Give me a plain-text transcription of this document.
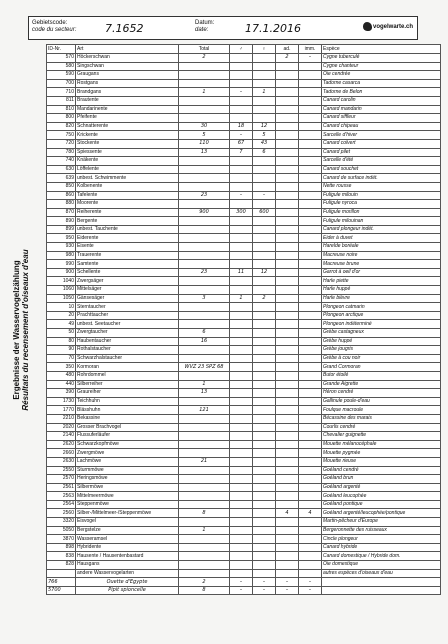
Gebietscode:
code du secteur:	7.1652	Datum:
date:	17.1.2016	vogelwarte.ch
Ergebnisse der Wasservogelzählung Résultats du recensement d'oiseaux d'eau
ID-Nr.	Art	Total	♂	♀	ad.	imm.	Espèce
570	Höckerschwan	2			2	–	Cygne tuberculé
580	Singschwan						Cygne chanteur
590	Graugans						Oie cendrée
700	Rostgans						Tadorne casarca
710	Brandgans	1	–	1			Tadorne de Belon
811	Brautente						Canard carolin
810	Mandarinente						Canard mandarin
800	Pfeifente						Canard siffleur
820	Schnatterente	30	18	12			Canard chipeau
750	Krickente	5	–	5			Sarcelle d'hiver
720	Stockente	110	67	43			Canard colvert
780	Spiessente	13	7	6			Canard pilet
740	Knäkente						Sarcelle d'été
630	Löffelente						Canard souchet
639	unbest. Schwimmente						Canard de surface indét.
850	Kolbenente						Nette rousse
860	Tafelente	23	–	–			Fuligule milouin
880	Moorente						Fuligule nyroca
870	Reiherente	900	300	600			Fuligule morillon
890	Bergente						Fuligule milouinan
899	unbest. Tauchente						Canard plongeur indét.
950	Eiderente						Eider à duvet
930	Eisente						Harelde boréale
980	Trauerente						Macreuse noire
990	Samtente						Macreuse brune
900	Schellente	23	11	12			Garrot à oeil d'or
1040	Zwergsäger						Harle piette
1060	Mittelsäger						Harle huppé
1050	Gänsesäger	3	1	2			Harle bièvre
10	Sterntaucher						Plongeon catmarin
20	Prachttaucher						Plongeon arctique
49	unbest. Seetaucher						Plongeon indéterminé
50	Zwergtaucher	6					Grèbe castagneux
80	Haubentaucher	16					Grèbe huppé
90	Rothalstaucher						Grèbe jougris
70	Schwarzhalstaucher						Grèbe à cou noir
350	Kormoran	WVZ 23 SPZ 68					Grand Cormoran
480	Rohrdommel						Butor étoilé
440	Silberreiher	1					Grande Aigrette
390	Graureiher	13					Héron cendré
1730	Teichhuhn						Gallinule poule-d'eau
1770	Blässhuhn	121					Foulque macroule
2210	Bekassine						Bécassine des marais
2020	Grosser Brachvogel						Courlis cendré
2140	Flussuferläufer						Chevalier guignette
2620	Schwarzkopfmöwe						Mouette mélanocéphale
2660	Zwergmöwe						Mouette pygmée
2630	Lachmöwe	21					Mouette rieuse
2550	Sturmmöwe						Goéland cendré
2570	Heringsmöwe						Goéland brun
2561	Silbermöwe						Goéland argenté
2563	Mittelmeermöwe						Goéland leucophée
2564	Steppenmöwe						Goéland pontique
2560	Silber-/Mittelmeer-/Steppenmöwe	8			4	4	Goéland argenté/leucophée/pontique
3320	Eisvogel						Martin-pêcheur d'Europe
5050	Bergstelze	1					Bergeronnette des ruisseaux
3870	Wasseramsel						Cincle plongeur
898	Hybridente						Canard hybride
838	Hausente / Hausentenbastard						Canard domestique / Hybride dom.
828	Hausgans						Oie domestique
	andere Wasservogelarten						autres espèces d'oiseaux d'eau
766	Ouette d'Egypte	2	–	–	–	–	
5700	Pipit spioncelle	8	–	–	–	–	
